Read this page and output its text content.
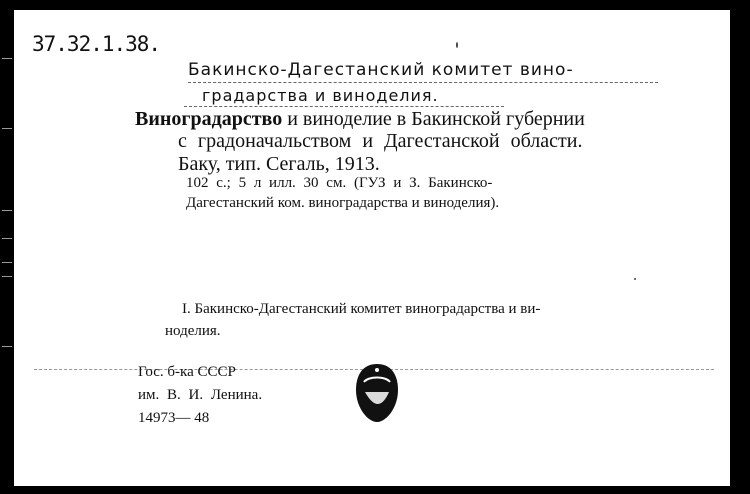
37.32.1.38.
Бакинско-Дагестанский комитет вино-
градарства и виноделия.
Виноградарство и виноделие в Бакинской губернии
с градоначальством и Дагестанской области.
Баку, тип. Сегаль, 1913.
102 с.; 5 л илл. 30 см. (ГУЗ и З. Бакинско-
Дагестанский ком. виноградарства и виноделия).
I. Бакинско-Дагестанский комитет виноградарства и ви-
ноделия.
Гос. б-ка СССР
им. В. И. Ленина.
14973— 48
